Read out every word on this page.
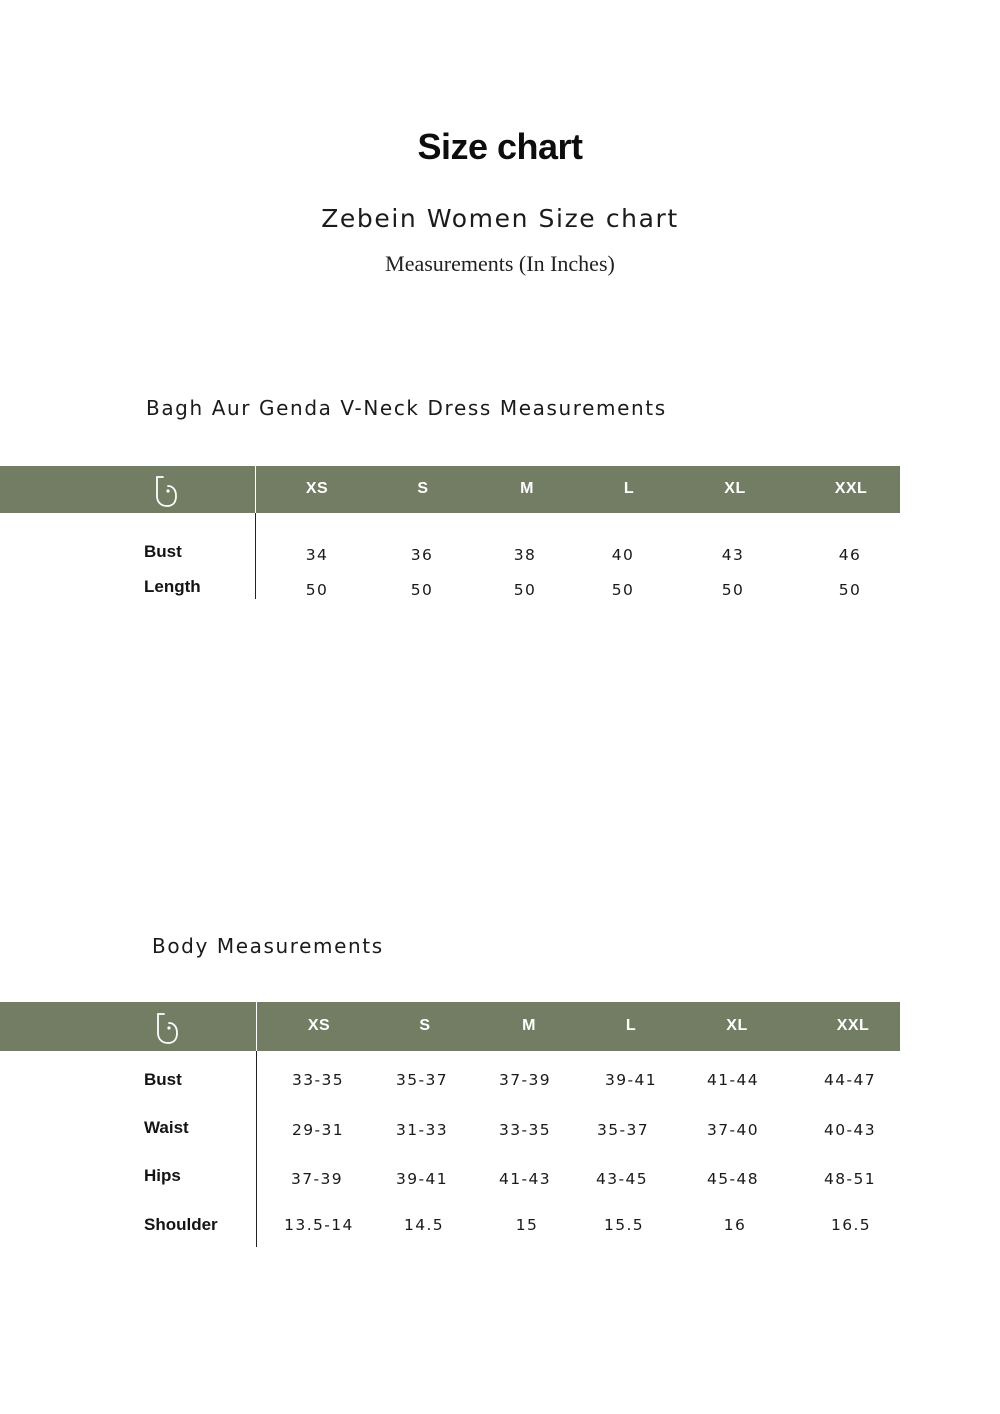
Size chart
Zebein Women Size chart
Measurements (In Inches)
Bagh Aur Genda V-Neck Dress Measurements
XS	S	M	L	XL	XXL
Bust	34	36	38	40	43	46
Length	50	50	50	50	50	50
Body Measurements
XS	S	M	L	XL	XXL
Bust	33-35	35-37	37-39	39-41	41-44	44-47
Waist	29-31	31-33	33-35	35-37	37-40	40-43
Hips	37-39	39-41	41-43	43-45	45-48	48-51
Shoulder	13.5-14	14.5	15	15.5	16	16.5
